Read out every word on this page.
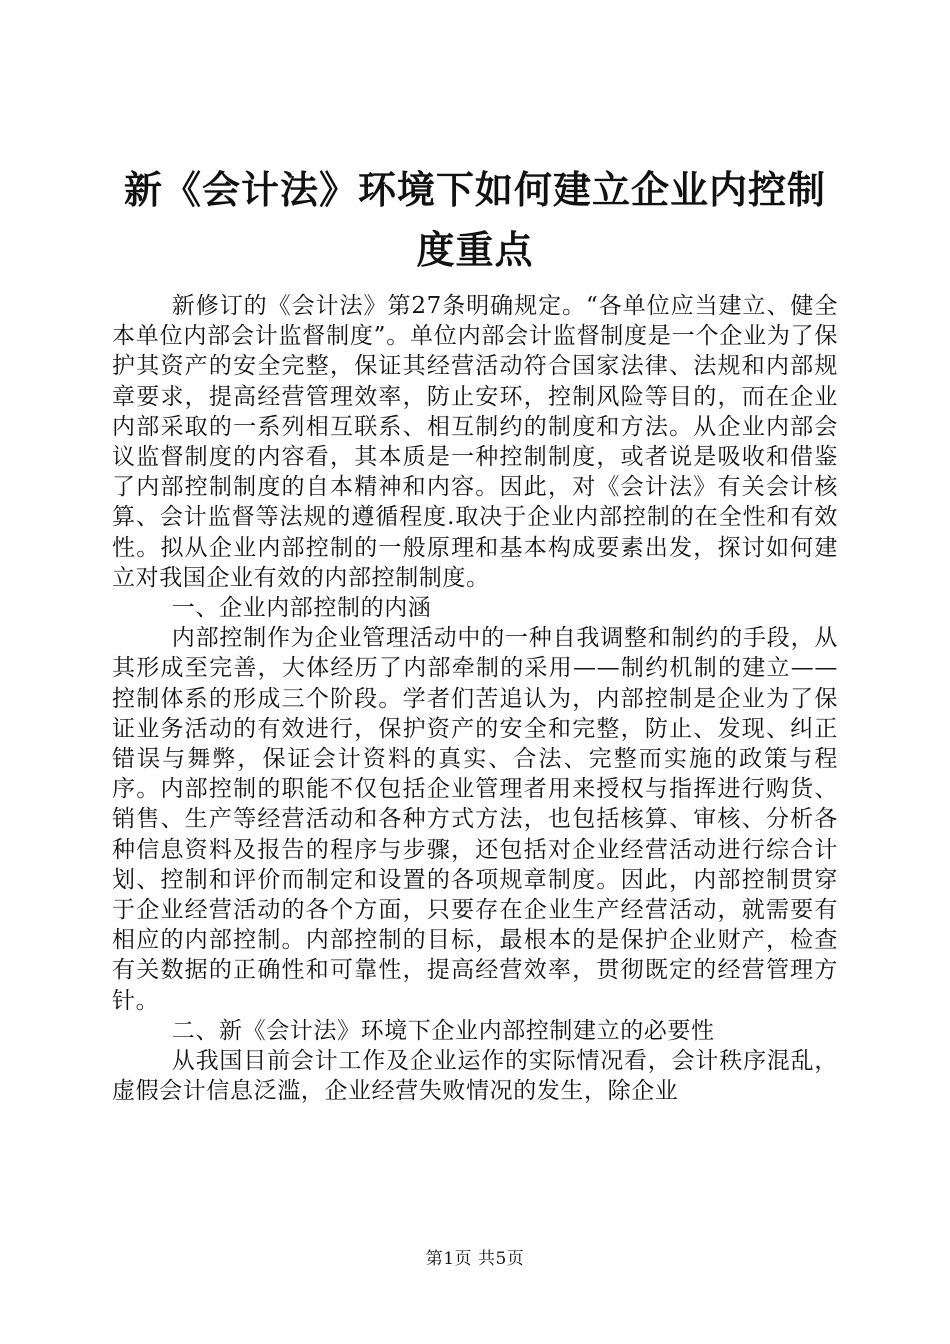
新《会计法》环境下如何建立企业内控制度重点

新修订的《会计法》第27条明确规定。“各单位应当建立、健全本单位内部会计监督制度”。单位内部会计监督制度是一个企业为了保护其资产的安全完整，保证其经营活动符合国家法律、法规和内部规章要求，提高经营管理效率，防止安环，控制风险等目的，而在企业内部采取的一系列相互联系、相互制约的制度和方法。从企业内部会议监督制度的内容看，其本质是一种控制制度，或者说是吸收和借鉴了内部控制制度的自本精神和内容。因此，对《会计法》有关会计核算、会计监督等法规的遵循程度.取决于企业内部控制的在全性和有效性。拟从企业内部控制的一般原理和基本构成要素出发，探讨如何建立对我国企业有效的内部控制制度。

一、企业内部控制的内涵

内部控制作为企业管理活动中的一种自我调整和制约的手段，从其形成至完善，大体经历了内部牵制的采用——制约机制的建立——控制体系的形成三个阶段。学者们苦追认为，内部控制是企业为了保证业务活动的有效进行，保护资产的安全和完整，防止、发现、纠正错误与舞弊，保证会计资料的真实、合法、完整而实施的政策与程序。内部控制的职能不仅包括企业管理者用来授权与指挥进行购货、销售、生产等经营活动和各种方式方法，也包括核算、审核、分析各种信息资料及报告的程序与步骤，还包括对企业经营活动进行综合计划、控制和评价而制定和设置的各项规章制度。因此，内部控制贯穿于企业经营活动的各个方面，只要存在企业生产经营活动，就需要有相应的内部控制。内部控制的目标，最根本的是保护企业财产，检查有关数据的正确性和可靠性，提高经营效率，贯彻既定的经营管理方针。

二、新《会计法》环境下企业内部控制建立的必要性

从我国目前会计工作及企业运作的实际情况看，会计秩序混乱，虚假会计信息泛滥，企业经营失败情况的发生，除企业

第1页 共5页
